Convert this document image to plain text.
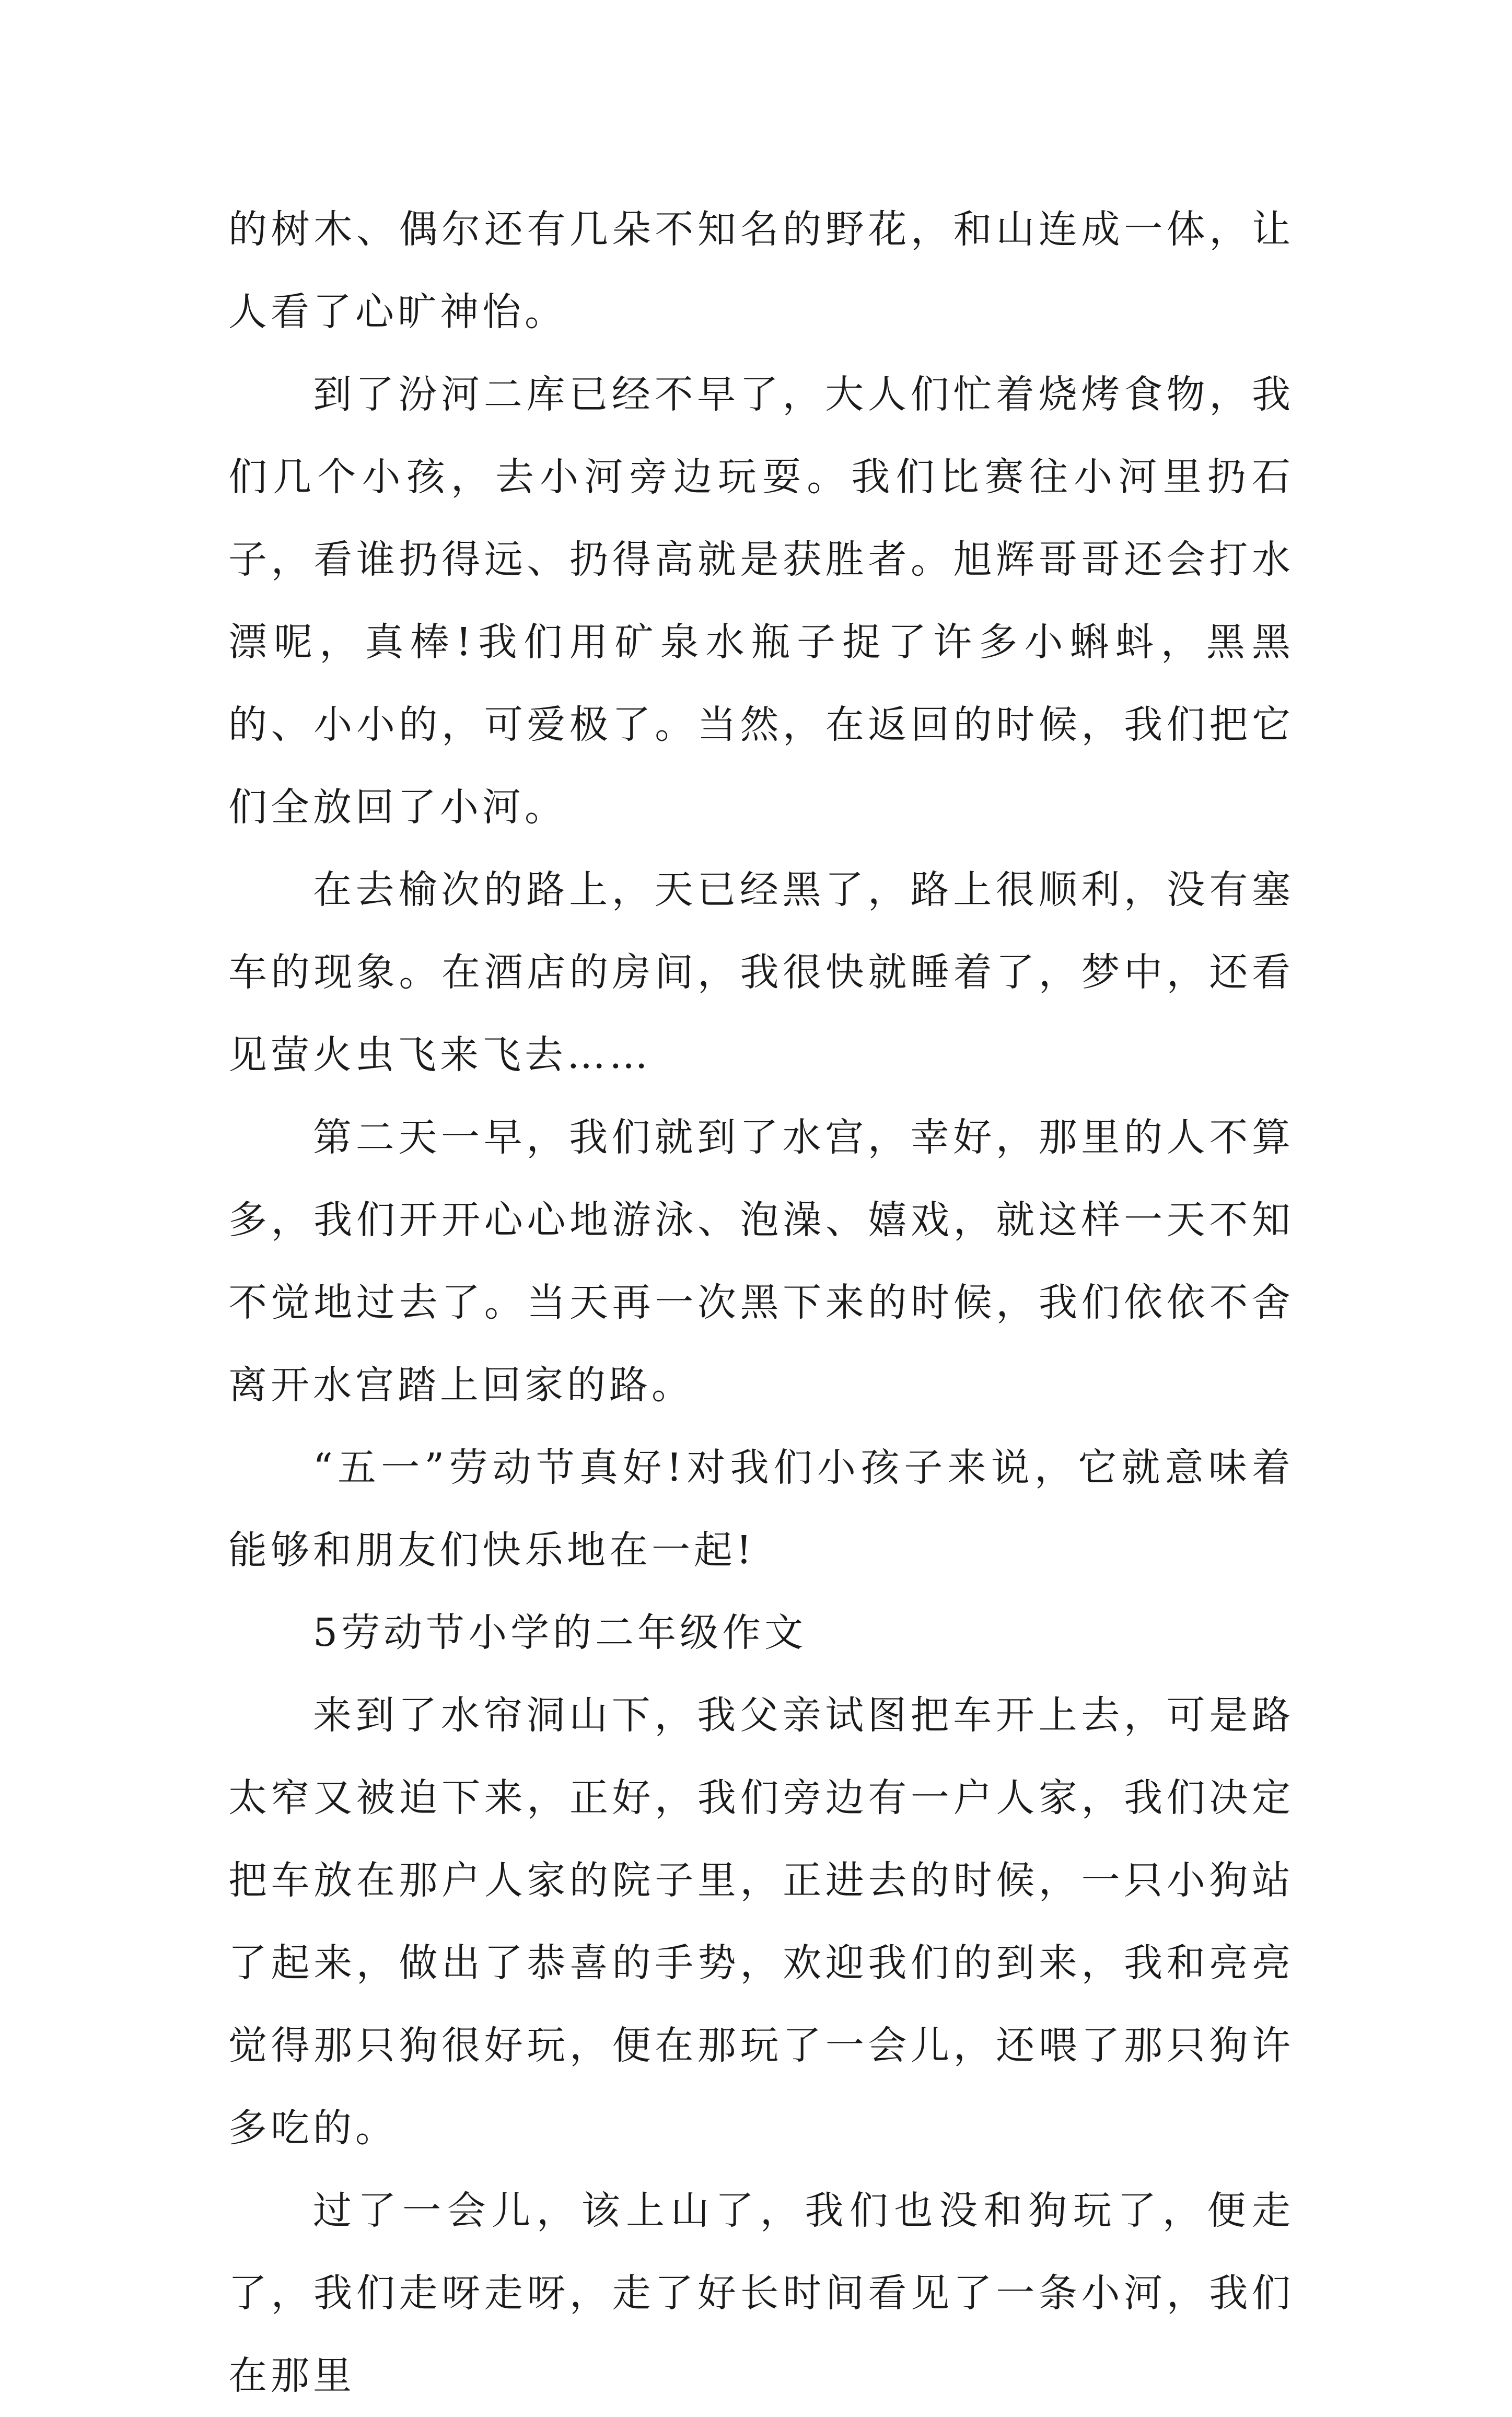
的树木、偶尔还有几朵不知名的野花，和山连成一体，让人看了心旷神怡。

到了汾河二库已经不早了，大人们忙着烧烤食物，我们几个小孩，去小河旁边玩耍。我们比赛往小河里扔石子，看谁扔得远、扔得高就是获胜者。旭辉哥哥还会打水漂呢，真棒!我们用矿泉水瓶子捉了许多小蝌蚪，黑黑的、小小的，可爱极了。当然，在返回的时候，我们把它们全放回了小河。

在去榆次的路上，天已经黑了，路上很顺利，没有塞车的现象。在酒店的房间，我很快就睡着了，梦中，还看见萤火虫飞来飞去……

第二天一早，我们就到了水宫，幸好，那里的人不算多，我们开开心心地游泳、泡澡、嬉戏，就这样一天不知不觉地过去了。当天再一次黑下来的时候，我们依依不舍离开水宫踏上回家的路。

“五一”劳动节真好!对我们小孩子来说，它就意味着能够和朋友们快乐地在一起!

5劳动节小学的二年级作文

来到了水帘洞山下，我父亲试图把车开上去，可是路太窄又被迫下来，正好，我们旁边有一户人家，我们决定把车放在那户人家的院子里，正进去的时候，一只小狗站了起来，做出了恭喜的手势，欢迎我们的到来，我和亮亮觉得那只狗很好玩，便在那玩了一会儿，还喂了那只狗许多吃的。

过了一会儿，该上山了，我们也没和狗玩了，便走了，我们走呀走呀，走了好长时间看见了一条小河，我们在那里
